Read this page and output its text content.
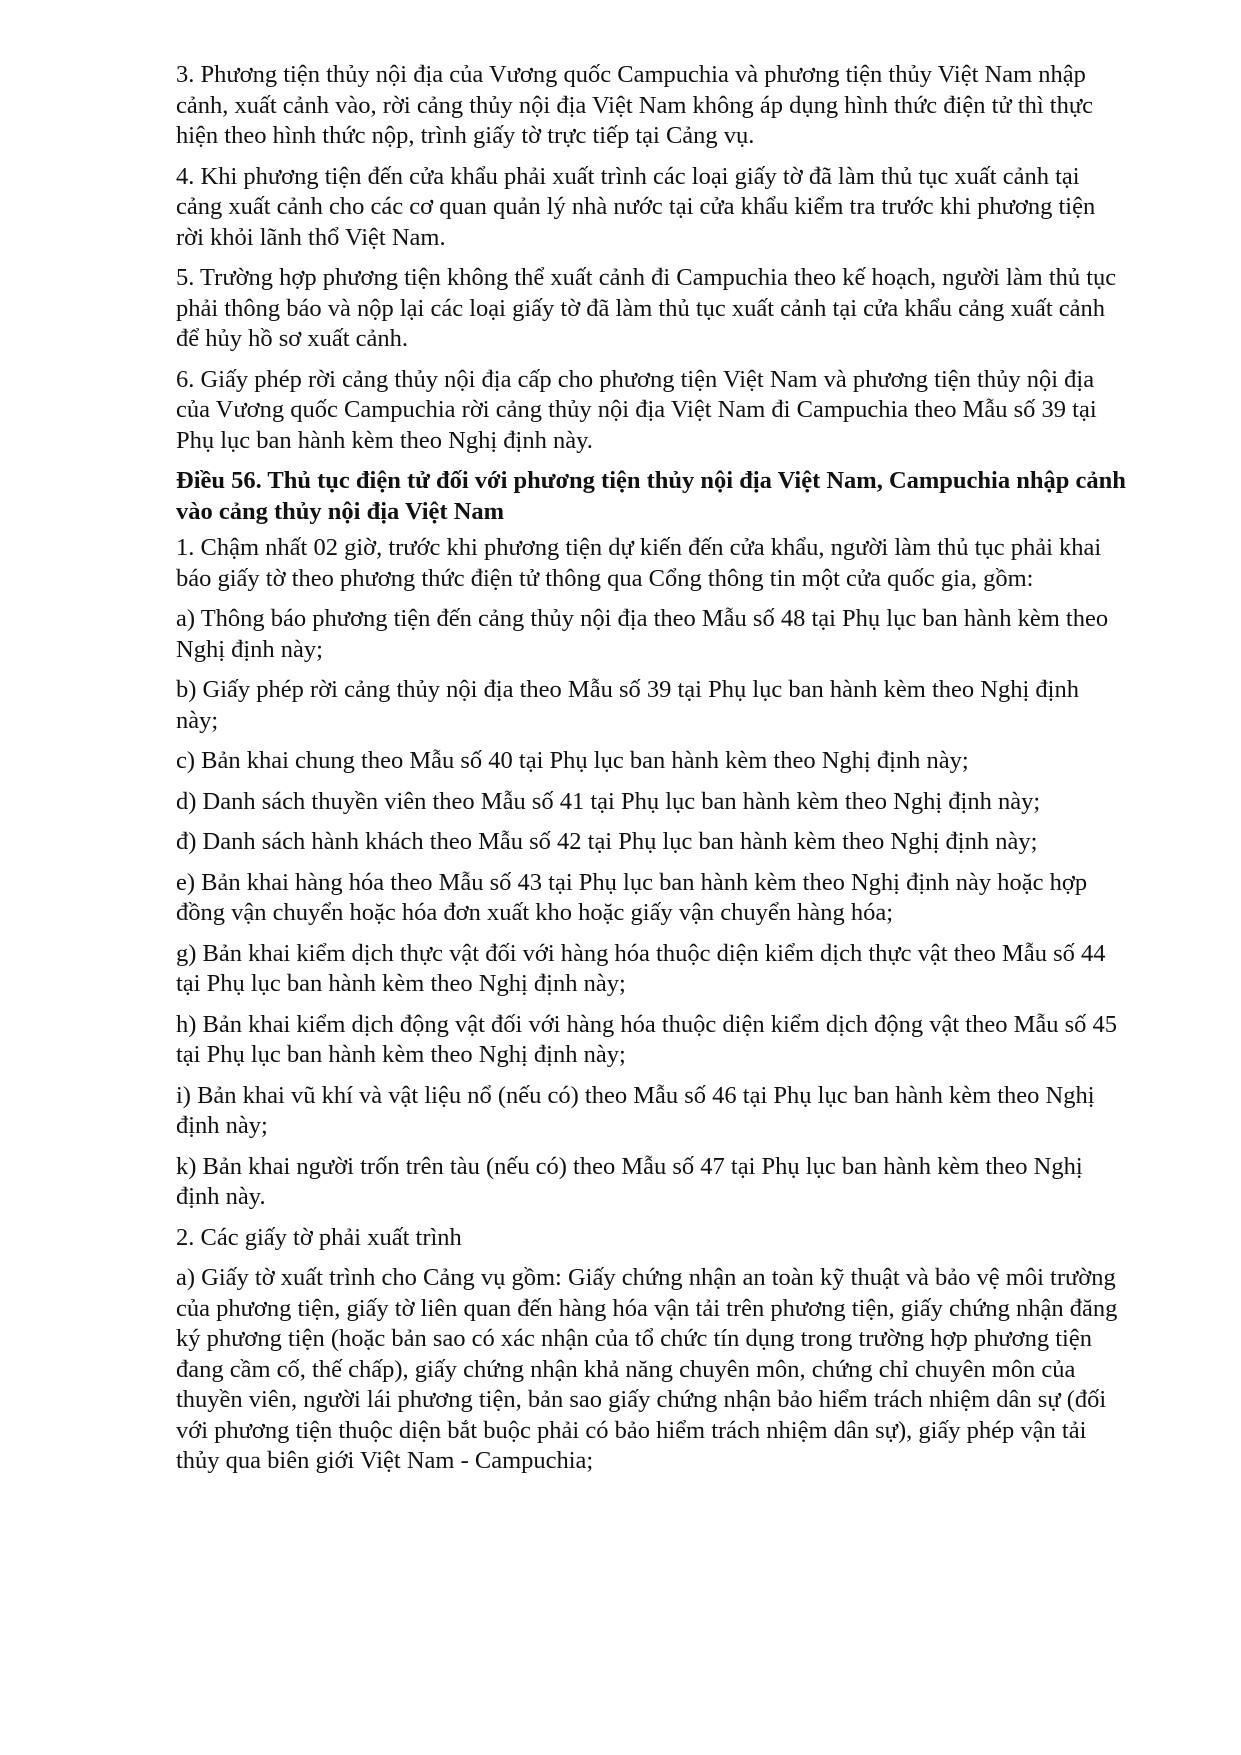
3. Phương tiện thủy nội địa của Vương quốc Campuchia và phương tiện thủy Việt Nam nhập cảnh, xuất cảnh vào, rời cảng thủy nội địa Việt Nam không áp dụng hình thức điện tử thì thực hiện theo hình thức nộp, trình giấy tờ trực tiếp tại Cảng vụ.

4. Khi phương tiện đến cửa khẩu phải xuất trình các loại giấy tờ đã làm thủ tục xuất cảnh tại cảng xuất cảnh cho các cơ quan quản lý nhà nước tại cửa khẩu kiểm tra trước khi phương tiện rời khỏi lãnh thổ Việt Nam.

5. Trường hợp phương tiện không thể xuất cảnh đi Campuchia theo kế hoạch, người làm thủ tục phải thông báo và nộp lại các loại giấy tờ đã làm thủ tục xuất cảnh tại cửa khẩu cảng xuất cảnh để hủy hồ sơ xuất cảnh.

6. Giấy phép rời cảng thủy nội địa cấp cho phương tiện Việt Nam và phương tiện thủy nội địa của Vương quốc Campuchia rời cảng thủy nội địa Việt Nam đi Campuchia theo Mẫu số 39 tại Phụ lục ban hành kèm theo Nghị định này.

Điều 56. Thủ tục điện tử đối với phương tiện thủy nội địa Việt Nam, Campuchia nhập cảnh vào cảng thủy nội địa Việt Nam

1. Chậm nhất 02 giờ, trước khi phương tiện dự kiến đến cửa khẩu, người làm thủ tục phải khai báo giấy tờ theo phương thức điện tử thông qua Cổng thông tin một cửa quốc gia, gồm:

a) Thông báo phương tiện đến cảng thủy nội địa theo Mẫu số 48 tại Phụ lục ban hành kèm theo Nghị định này;

b) Giấy phép rời cảng thủy nội địa theo Mẫu số 39 tại Phụ lục ban hành kèm theo Nghị định này;

c) Bản khai chung theo Mẫu số 40 tại Phụ lục ban hành kèm theo Nghị định này;

d) Danh sách thuyền viên theo Mẫu số 41 tại Phụ lục ban hành kèm theo Nghị định này;

đ) Danh sách hành khách theo Mẫu số 42 tại Phụ lục ban hành kèm theo Nghị định này;

e) Bản khai hàng hóa theo Mẫu số 43 tại Phụ lục ban hành kèm theo Nghị định này hoặc hợp đồng vận chuyển hoặc hóa đơn xuất kho hoặc giấy vận chuyển hàng hóa;

g) Bản khai kiểm dịch thực vật đối với hàng hóa thuộc diện kiểm dịch thực vật theo Mẫu số 44 tại Phụ lục ban hành kèm theo Nghị định này;

h) Bản khai kiểm dịch động vật đối với hàng hóa thuộc diện kiểm dịch động vật theo Mẫu số 45 tại Phụ lục ban hành kèm theo Nghị định này;

i) Bản khai vũ khí và vật liệu nổ (nếu có) theo Mẫu số 46 tại Phụ lục ban hành kèm theo Nghị định này;

k) Bản khai người trốn trên tàu (nếu có) theo Mẫu số 47 tại Phụ lục ban hành kèm theo Nghị định này.

2. Các giấy tờ phải xuất trình

a) Giấy tờ xuất trình cho Cảng vụ gồm: Giấy chứng nhận an toàn kỹ thuật và bảo vệ môi trường của phương tiện, giấy tờ liên quan đến hàng hóa vận tải trên phương tiện, giấy chứng nhận đăng ký phương tiện (hoặc bản sao có xác nhận của tổ chức tín dụng trong trường hợp phương tiện đang cầm cố, thế chấp), giấy chứng nhận khả năng chuyên môn, chứng chỉ chuyên môn của thuyền viên, người lái phương tiện, bản sao giấy chứng nhận bảo hiểm trách nhiệm dân sự (đối với phương tiện thuộc diện bắt buộc phải có bảo hiểm trách nhiệm dân sự), giấy phép vận tải thủy qua biên giới Việt Nam - Campuchia;
